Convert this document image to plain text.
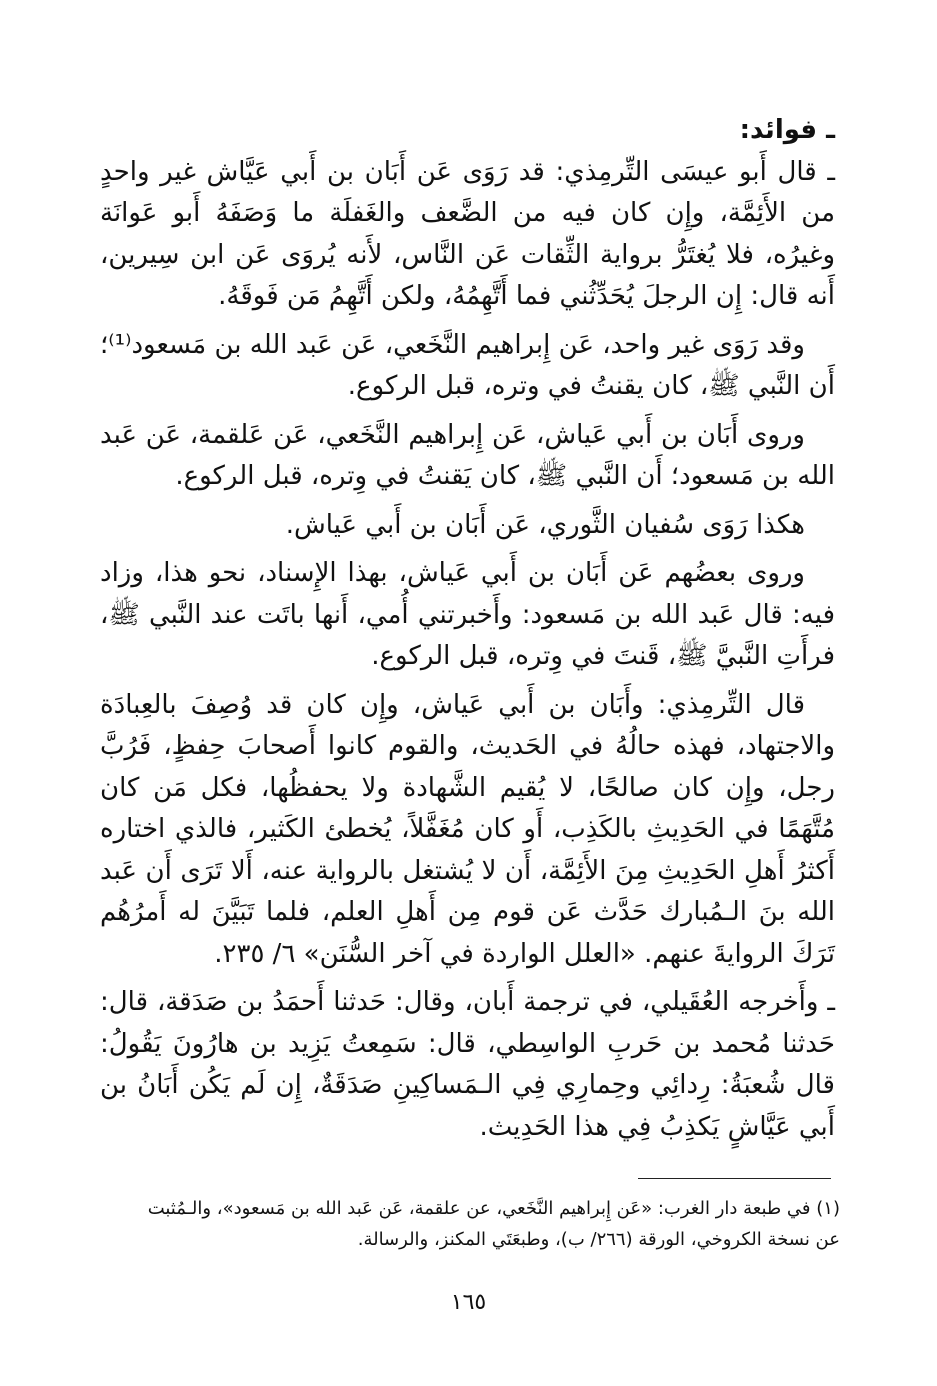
ـ فوائد:

ـ قال أَبو عيسَى التِّرمِذي: قد رَوَى عَن أَبَان بن أَبي عَيَّاش غير واحدٍ من الأَئِمَّة، وإِن كان فيه من الضَّعف والغَفلَة ما وَصَفَهُ أَبو عَوانَة وغيرُه، فلا يُغتَرُّ برواية الثِّقات عَن النَّاس، لأَنه يُروَى عَن ابن سِيرين، أَنه قال: إِن الرجلَ يُحَدِّثُني فما أَتَّهِمُهُ، ولكن أَتَّهِمُ مَن فَوقَهُ.

وقد رَوَى غير واحد، عَن إِبراهيم النَّخَعي، عَن عَبد الله بن مَسعود⁽¹⁾؛ أَن النَّبي ﷺ، كان يقنتُ في وتره، قبل الركوع.

وروى أَبَان بن أَبي عَياش، عَن إِبراهيم النَّخَعي، عَن عَلقمة، عَن عَبد الله بن مَسعود؛ أَن النَّبي ﷺ، كان يَقنتُ في وِتره، قبل الركوع.

هكذا رَوَى سُفيان الثَّوري، عَن أَبَان بن أَبي عَياش.

وروى بعضُهم عَن أَبَان بن أَبي عَياش، بهذا الإِسناد، نحو هذا، وزاد فيه: قال عَبد الله بن مَسعود: وأَخبرتني أُمي، أَنها باتَت عند النَّبي ﷺ، فرأَتِ النَّبيَّ ﷺ، قَنتَ في وِتره، قبل الركوع.

قال التِّرمِذي: وأَبَان بن أَبي عَياش، وإِن كان قد وُصِفَ بالعِبادَة والاجتهاد، فهذه حالُهُ في الحَديث، والقوم كانوا أَصحابَ حِفظٍ، فَرُبَّ رجل، وإِن كان صالحًا، لا يُقيم الشَّهادة ولا يحفظُها، فكل مَن كان مُتَّهَمًا في الحَدِيثِ بالكَذِب، أَو كان مُغَفَّلاً، يُخطئ الكَثير، فالذي اختاره أَكثرُ أَهلِ الحَدِيثِ مِنَ الأَئِمَّة، أَن لا يُشتغل بالرواية عنه، أَلا تَرَى أَن عَبد الله بنَ الـمُبارك حَدَّث عَن قوم مِن أَهلِ العلم، فلما تَبَيَّنَ له أَمرُهُم تَرَكَ الروايةَ عنهم. «العلل الواردة في آخر السُّنَن» ٦/ ٢٣٥.

ـ وأَخرجه العُقَيلي، في ترجمة أَبان، وقال: حَدثنا أَحمَدُ بن صَدَقة، قال: حَدثنا مُحمد بن حَربِ الواسِطي، قال: سَمِعتُ يَزِيد بن هارُونَ يَقُولُ: قال شُعبَةُ: رِدائِي وحِمارِي فِي الـمَساكِينِ صَدَقَةٌ، إِن لَم يَكُن أَبَانُ بن أَبي عَيَّاشٍ يَكذِبُ فِي هذا الحَدِيث.

(١) في طبعة دار الغرب: «عَن إِبراهيم النَّخَعي، عن علقمة، عَن عَبد الله بن مَسعود»، والـمُثبت
عن نسخة الكروخي، الورقة (٢٦٦/ ب)، وطبعَتَي المكنز، والرسالة.
١٦٥
